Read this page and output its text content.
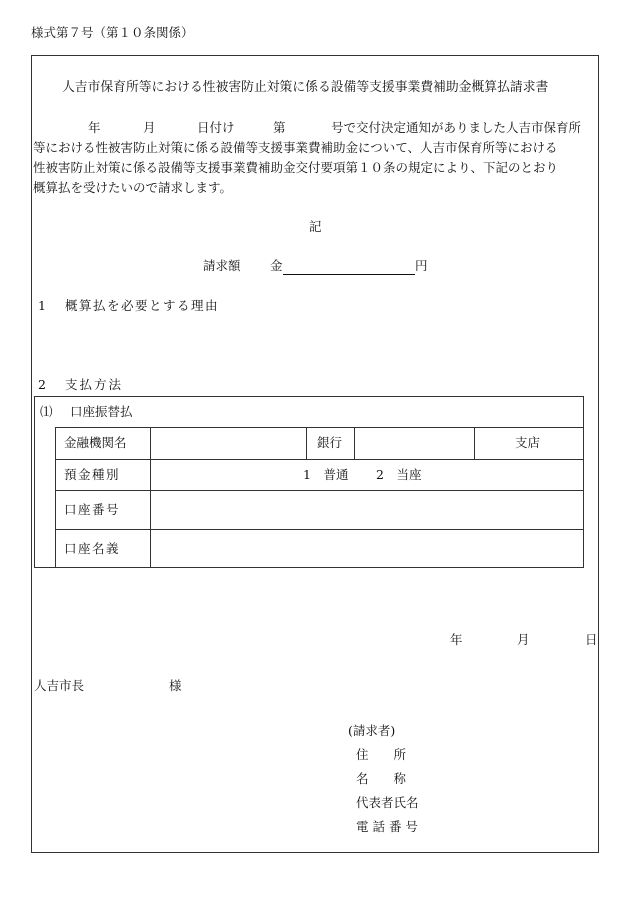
様式第７号（第１０条関係）
人吉市保育所等における性被害防止対策に係る設備等支援事業費補助金概算払請求書
年	月	日付け	第	号で交付決定通知がありました人吉市保育所
等における性被害防止対策に係る設備等支援事業費補助金について、人吉市保育所等における
性被害防止対策に係る設備等支援事業費補助金交付要項第１０条の規定により、下記のとおり
概算払を受けたいので請求します。
記
請求額 金	円
1 概算払を必要とする理由
2 支払方法
⑴ 口座振替払
金融機関名	銀行	支店
預金種別	1　普通 2　当座
口座番号
口座名義
年	月	日
人吉市長	様
(請求者)
住　　所
名　　称
代表者氏名
電 話 番 号
